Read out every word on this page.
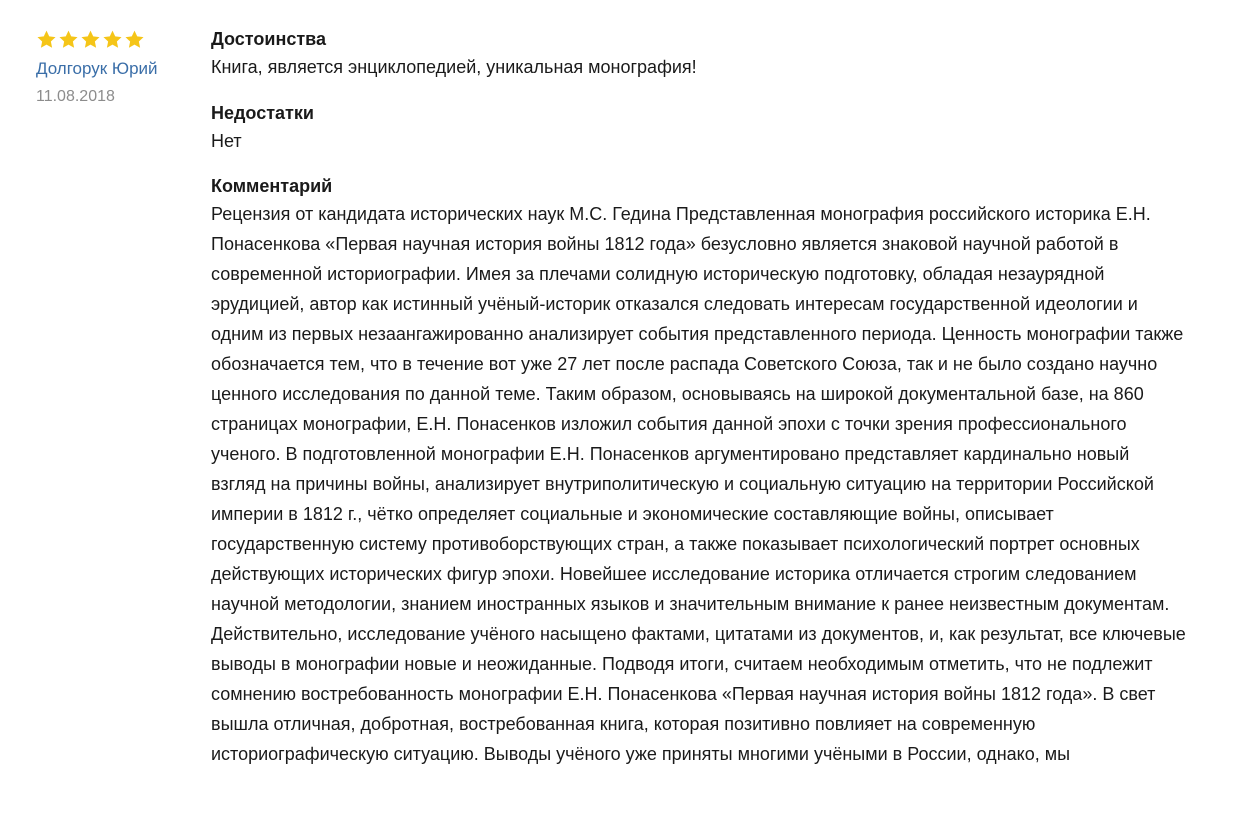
Долгорук Юрий
11.08.2018
Достоинства
Книга, является энциклопедией, уникальная монография!
Недостатки
Нет
Комментарий
Рецензия от кандидата исторических наук М.С. Гедина Представленная монография российского историка Е.Н. Понасенкова «Первая научная история войны 1812 года» безусловно является знаковой научной работой в современной историографии. Имея за плечами солидную историческую подготовку, обладая незаурядной эрудицией, автор как истинный учёный-историк отказался следовать интересам государственной идеологии и одним из первых незаангажированно анализирует события представленного периода. Ценность монографии также обозначается тем, что в течение вот уже 27 лет после распада Советского Союза, так и не было создано научно ценного исследования по данной теме. Таким образом, основываясь на широкой документальной базе, на 860 страницах монографии, Е.Н. Понасенков изложил события данной эпохи с точки зрения профессионального ученого. В подготовленной монографии Е.Н. Понасенков аргументировано представляет кардинально новый взгляд на причины войны, анализирует внутриполитическую и социальную ситуацию на территории Российской империи в 1812 г., чётко определяет социальные и экономические составляющие войны, описывает государственную систему противоборствующих стран, а также показывает психологический портрет основных действующих исторических фигур эпохи. Новейшее исследование историка отличается строгим следованием научной методологии, знанием иностранных языков и значительным внимание к ранее неизвестным документам. Действительно, исследование учёного насыщено фактами, цитатами из документов, и, как результат, все ключевые выводы в монографии новые и неожиданные. Подводя итоги, считаем необходимым отметить, что не подлежит сомнению востребованность монографии Е.Н. Понасенкова «Первая научная история войны 1812 года». В свет вышла отличная, добротная, востребованная книга, которая позитивно повлияет на современную историографическую ситуацию. Выводы учёного уже приняты многими учёными в России, однако, мы
